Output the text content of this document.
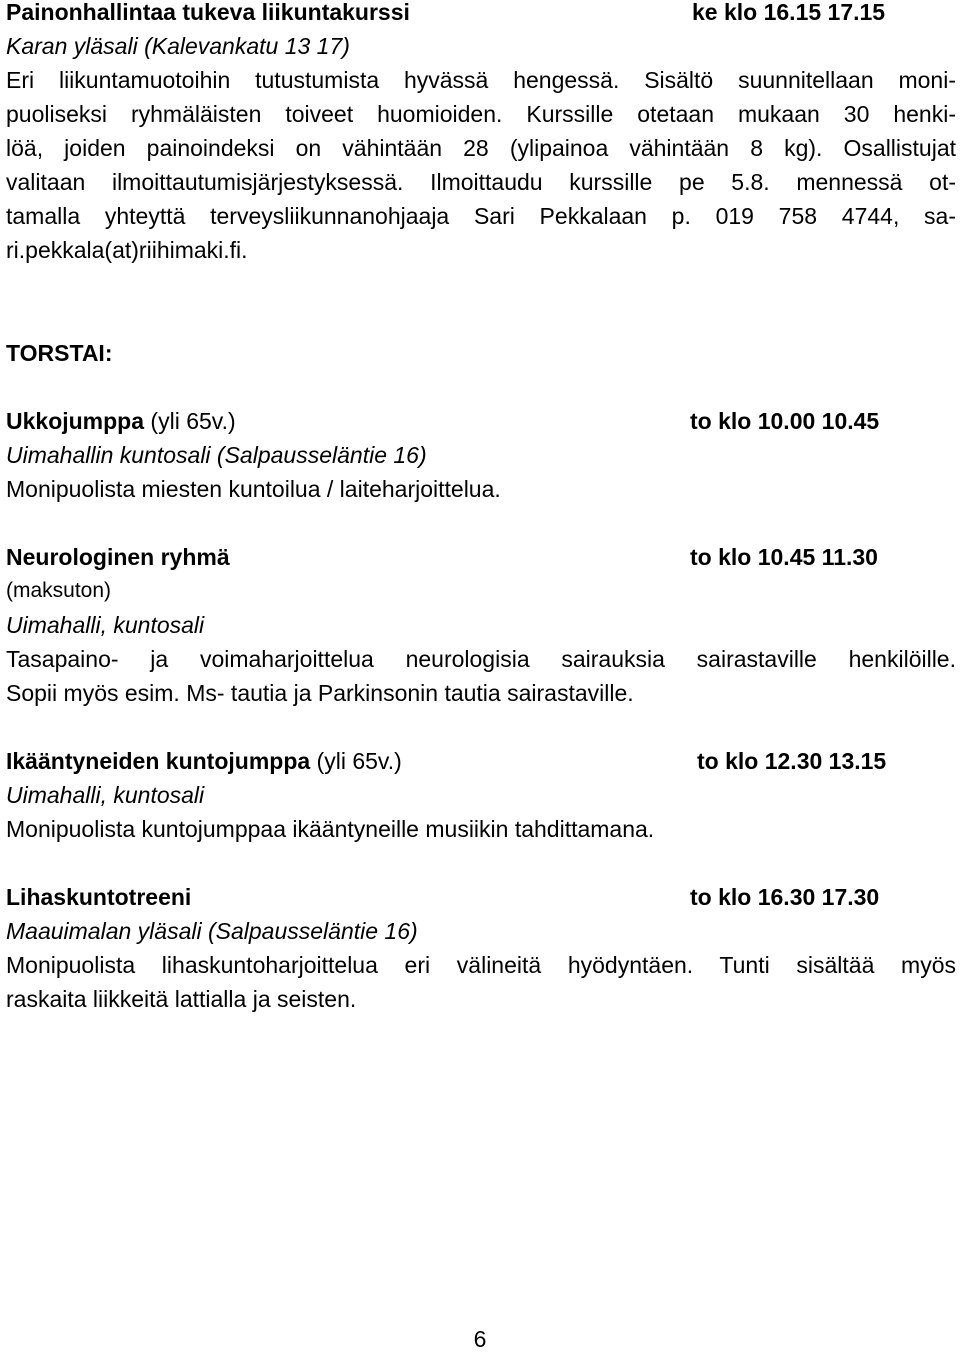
Painonhallintaa tukeva liikuntakurssi	ke klo 16.15 17.15
Karan yläsali (Kalevankatu 13 17)
Eri liikuntamuotoihin tutustumista hyvässä hengessä. Sisältö suunnitellaan moni-
puoliseksi ryhmäläisten toiveet huomioiden. Kurssille otetaan mukaan 30 henki-
löä, joiden painoindeksi on vähintään 28 (ylipainoa vähintään 8 kg). Osallistujat
valitaan ilmoittautumisjärjestyksessä. Ilmoittaudu kurssille pe 5.8. mennessä ot-
tamalla yhteyttä terveysliikunnanohjaaja Sari Pekkalaan p. 019 758 4744, sa-
ri.pekkala(at)riihimaki.fi.
TORSTAI:
Ukkojumppa (yli 65v.)	to klo 10.00 10.45
Uimahallin kuntosali (Salpausseläntie 16)
Monipuolista miesten kuntoilua / laiteharjoittelua.
Neurologinen ryhmä	to klo 10.45 11.30
(maksuton)
Uimahalli, kuntosali
Tasapaino- ja voimaharjoittelua neurologisia sairauksia sairastaville henkilöille.
Sopii myös esim. Ms- tautia ja Parkinsonin tautia sairastaville.
Ikääntyneiden kuntojumppa (yli 65v.)	to klo 12.30 13.15
Uimahalli, kuntosali
Monipuolista kuntojumppaa ikääntyneille musiikin tahdittamana.
Lihaskuntotreeni	to klo 16.30 17.30
Maauimalan yläsali (Salpausseläntie 16)
Monipuolista lihaskuntoharjoittelua eri välineitä hyödyntäen. Tunti sisältää myös
raskaita liikkeitä lattialla ja seisten.
6
